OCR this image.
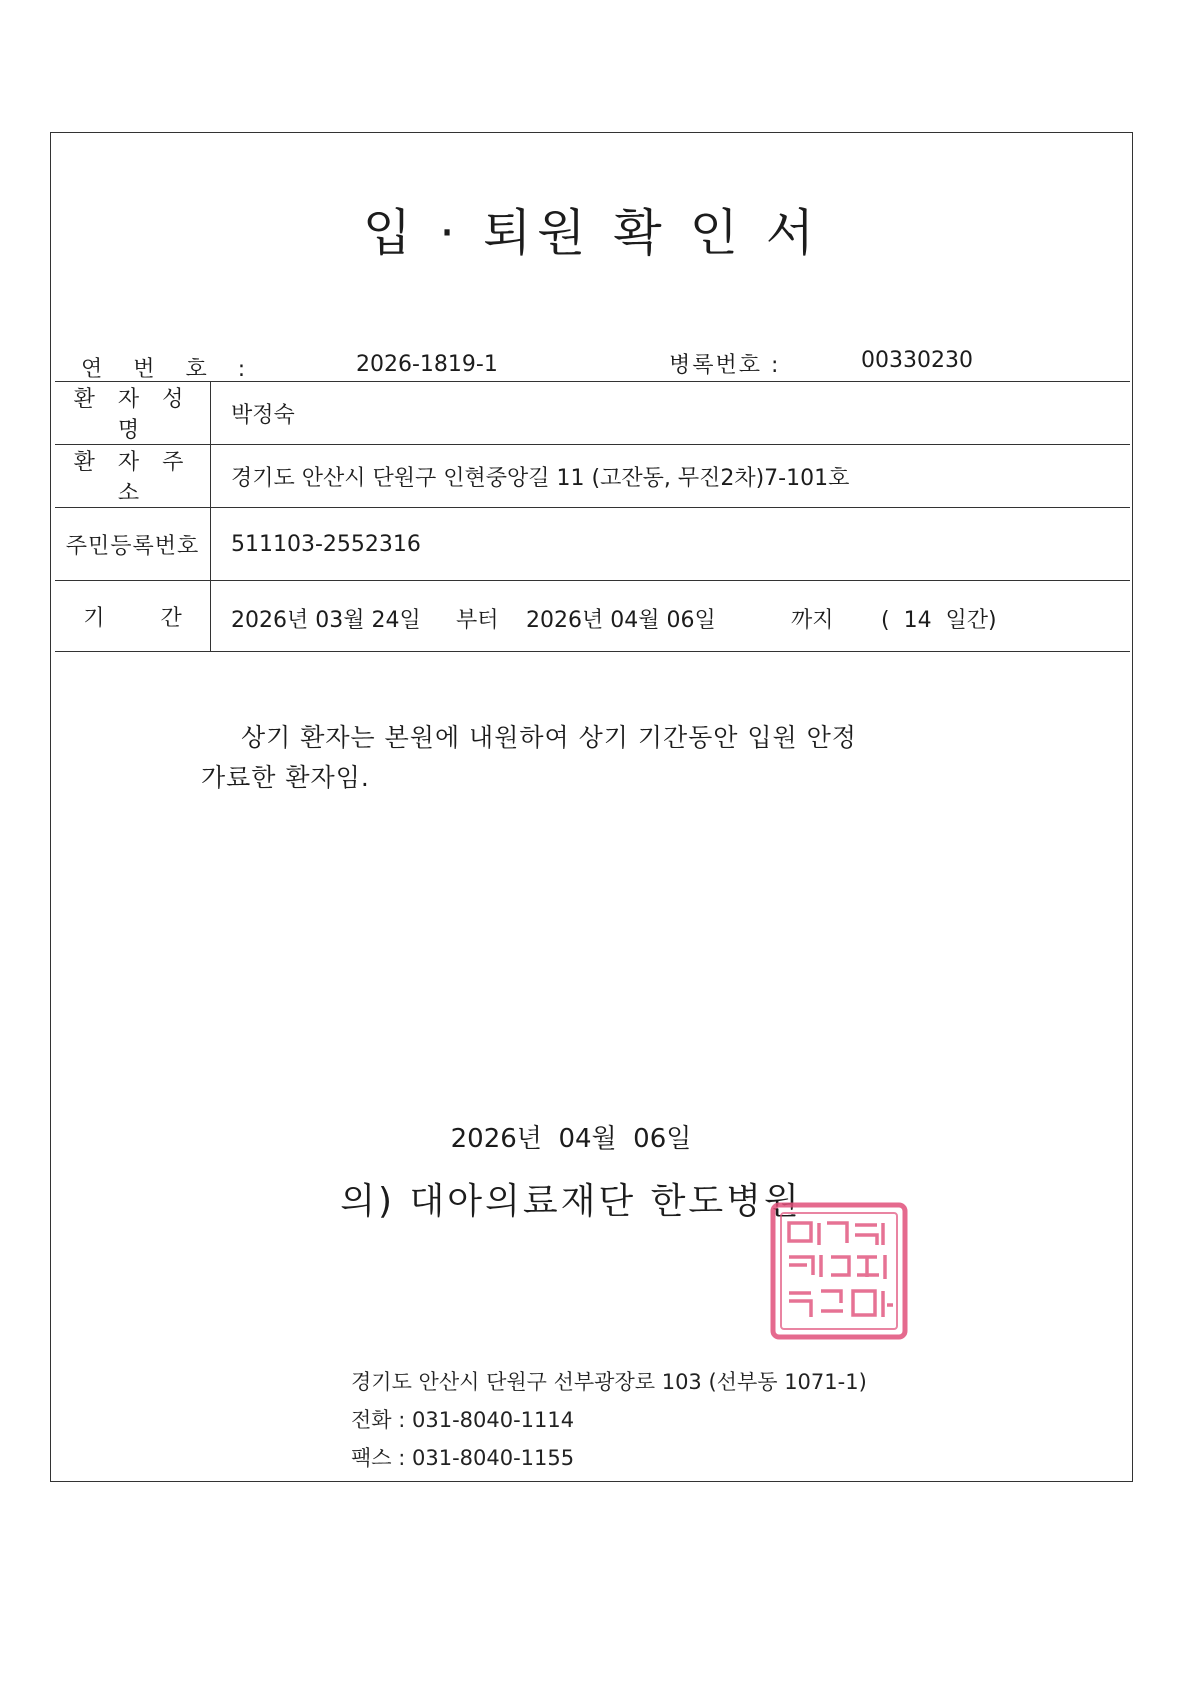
입 · 퇴원 확 인 서
연 번 호 :	2026-1819-1	병록번호 :	00330230
환 자 성 명	박정숙
환 자 주 소	경기도 안산시 단원구 인현중앙길 11 (고잔동, 무진2차)7-101호
주민등록번호	511103-2552316
기        간	2026년 03월 24일 부터 2026년 04월 06일 까지 (  14  일간)
상기 환자는 본원에 내원하여 상기 기간동안 입원 안정
가료한 환자임.
2026년  04월  06일
의) 대아의료재단 한도병원
경기도 안산시 단원구 선부광장로 103 (선부동 1071-1)
전화 : 031-8040-1114
팩스 : 031-8040-1155
